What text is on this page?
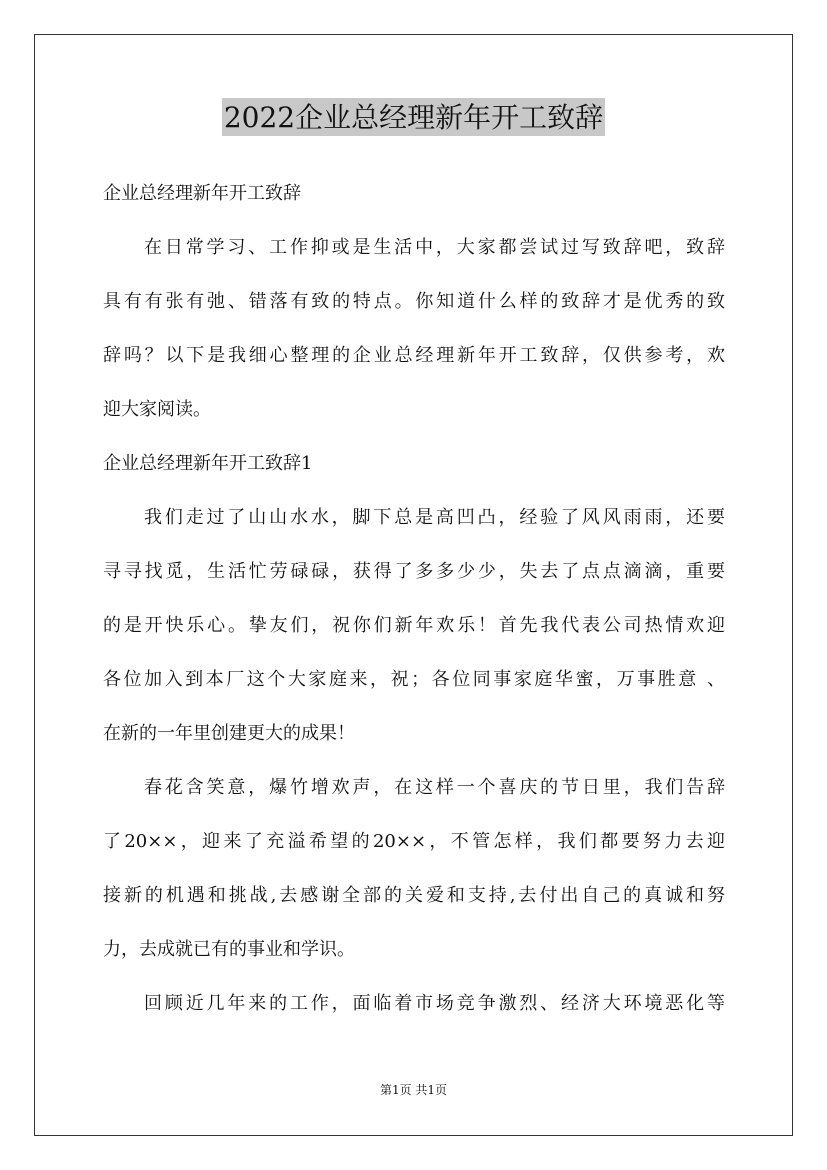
2022企业总经理新年开工致辞

企业总经理新年开工致辞

在日常学习、工作抑或是生活中，大家都尝试过写致辞吧，致辞

具有有张有弛、错落有致的特点。你知道什么样的致辞才是优秀的致

辞吗？以下是我细心整理的企业总经理新年开工致辞，仅供参考，欢

迎大家阅读。

企业总经理新年开工致辞1

我们走过了山山水水，脚下总是高凹凸，经验了风风雨雨，还要

寻寻找觅，生活忙劳碌碌，获得了多多少少，失去了点点滴滴，重要

的是开快乐心。挚友们，祝你们新年欢乐！首先我代表公司热情欢迎

各位加入到本厂这个大家庭来，祝；各位同事家庭华蜜，万事胜意 、

在新的一年里创建更大的成果！

春花含笑意，爆竹增欢声，在这样一个喜庆的节日里，我们告辞

了20××，迎来了充溢希望的20××，不管怎样，我们都要努力去迎

接新的机遇和挑战,去感谢全部的关爱和支持,去付出自己的真诚和努

力，去成就已有的事业和学识。

回顾近几年来的工作，面临着市场竞争激烈、经济大环境恶化等

第1页 共1页
